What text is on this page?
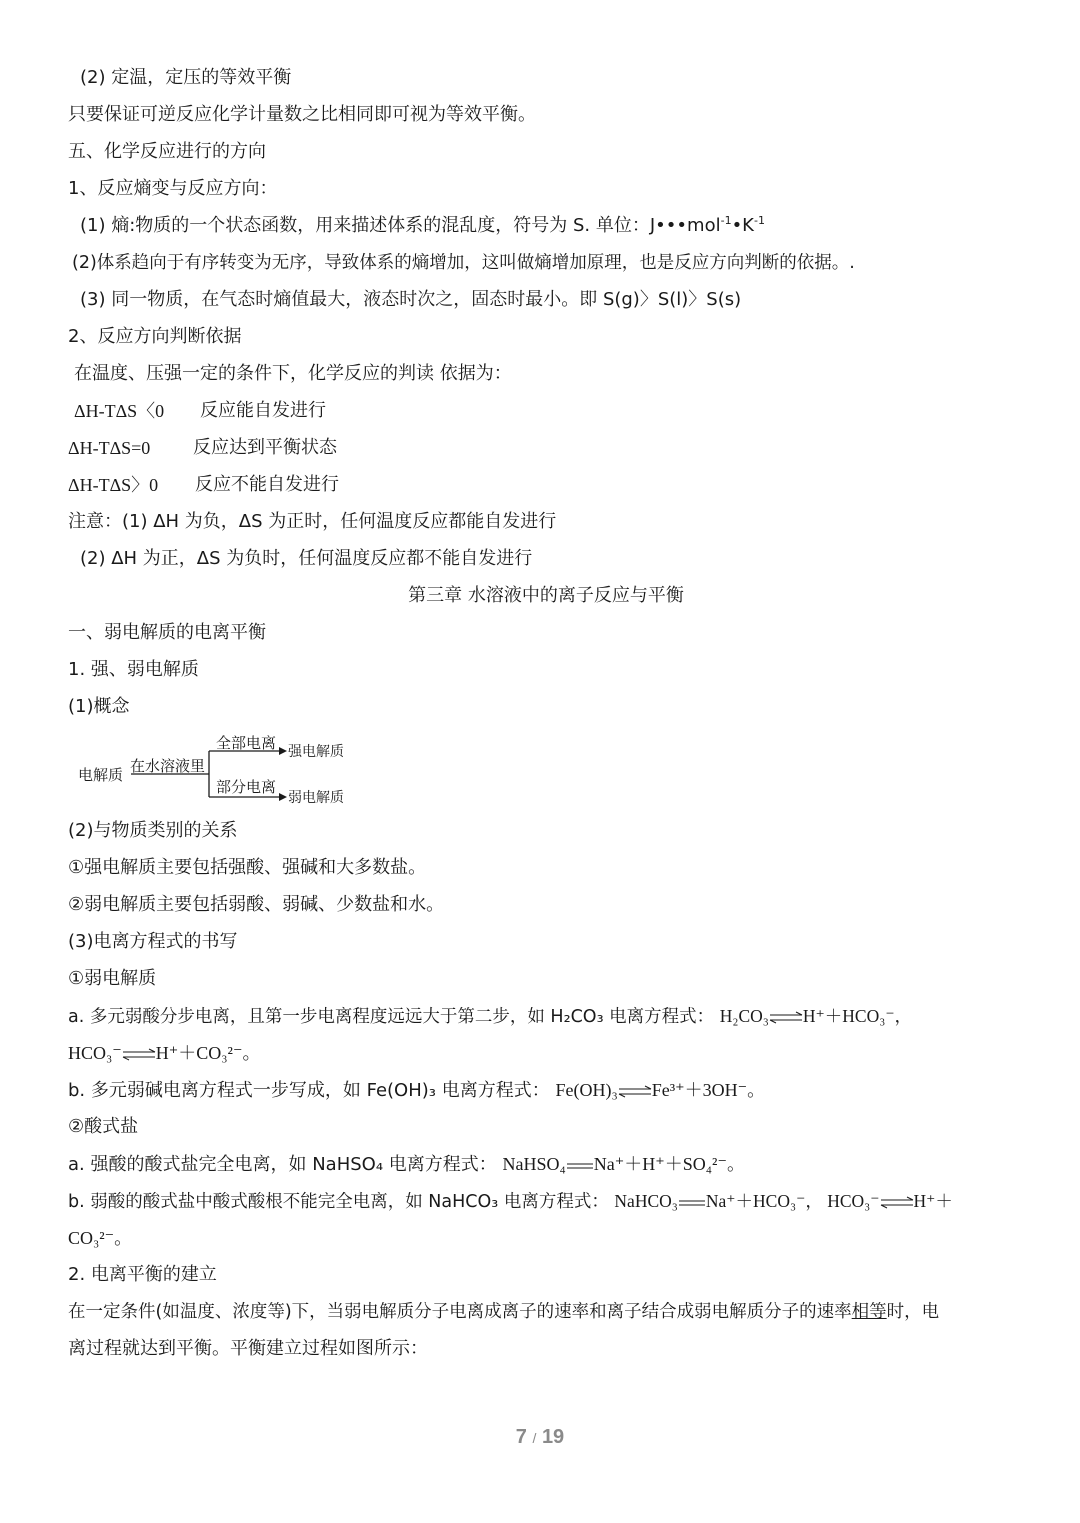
(2) 定温，定压的等效平衡
只要保证可逆反应化学计量数之比相同即可视为等效平衡。
五、化学反应进行的方向
1、反应熵变与反应方向：
(1) 熵:物质的一个状态函数，用来描述体系的混乱度，符号为 S. 单位：$J•••mol^{-1}•K^{-1}$
(2)体系趋向于有序转变为无序，导致体系的熵增加，这叫做熵增加原理，也是反应方向判断的依据。.
(3) 同一物质，在气态时熵值最大，液态时次之，固态时最小。即 S(g)〉S(l)〉S(s)
2、反应方向判断依据
在温度、压强一定的条件下，化学反应的判读 依据为：
ΔH-TΔS〈0 反应能自发进行
ΔH-TΔS=0 反应达到平衡状态
ΔH-TΔS〉0 反应不能自发进行
注意：(1) ΔH 为负，ΔS 为正时，任何温度反应都能自发进行
(2) ΔH 为正，ΔS 为负时，任何温度反应都不能自发进行
第三章 水溶液中的离子反应与平衡
一、弱电解质的电离平衡
1. 强、弱电解质
(1)概念
电解质 在水溶液里
全部电离 强电解质
部分电离
弱电解质
(2)与物质类别的关系
①强电解质主要包括强酸、强碱和大多数盐。
②弱电解质主要包括弱酸、弱碱、少数盐和水。
(3)电离方程式的书写
①弱电解质
a. 多元弱酸分步电离，且第一步电离程度远远大于第二步，如 H₂CO₃ 电离方程式： H₂CO₃⇌H⁺＋HCO₃⁻，
HCO₃⁻⇌H⁺＋CO₃²⁻。
b. 多元弱碱电离方程式一步写成，如 Fe(OH)₃ 电离方程式： Fe(OH)₃⇌Fe³⁺＋3OH⁻。
②酸式盐
a. 强酸的酸式盐完全电离，如 NaHSO₄ 电离方程式： NaHSO₄ Na⁺＋H⁺＋SO₄²⁻。
b. 弱酸的酸式盐中酸式酸根不能完全电离，如 NaHCO₃ 电离方程式： NaHCO₃ Na⁺＋HCO₃⁻， HCO₃⁻⇌H⁺＋
CO₃²⁻。
2. 电离平衡的建立
在一定条件(如温度、浓度等)下，当弱电解质分子电离成离子的速率和离子结合成弱电解质分子的速率相等时，电
离过程就达到平衡。平衡建立过程如图所示：
7 / 19
